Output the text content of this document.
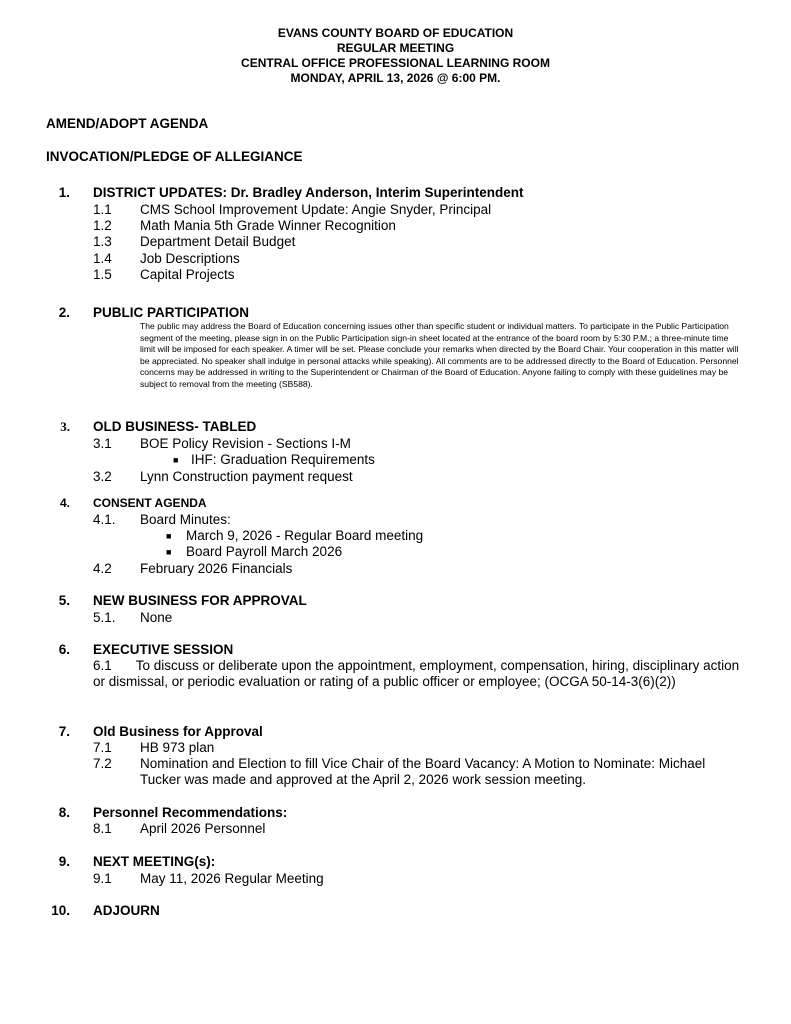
EVANS COUNTY BOARD OF EDUCATION
REGULAR MEETING
CENTRAL OFFICE PROFESSIONAL LEARNING ROOM
MONDAY, APRIL 13, 2026 @ 6:00 PM.
AMEND/ADOPT AGENDA
INVOCATION/PLEDGE OF ALLEGIANCE
1. DISTRICT UPDATES: Dr. Bradley Anderson, Interim Superintendent
1.1 CMS School Improvement Update: Angie Snyder, Principal
1.2 Math Mania 5th Grade Winner Recognition
1.3 Department Detail Budget
1.4 Job Descriptions
1.5 Capital Projects
2. PUBLIC PARTICIPATION
The public may address the Board of Education concerning issues other than specific student or individual matters. To participate in the Public Participation segment of the meeting, please sign in on the Public Participation sign-in sheet located at the entrance of the board room by 5:30 P.M.; a three-minute time limit will be imposed for each speaker. A timer will be set. Please conclude your remarks when directed by the Board Chair. Your cooperation in this matter will be appreciated. No speaker shall indulge in personal attacks while speaking). All comments are to be addressed directly to the Board of Education. Personnel concerns may be addressed in writing to the Superintendent or Chairman of the Board of Education. Anyone failing to comply with these guidelines may be subject to removal from the meeting (SB588).
3. OLD BUSINESS- TABLED
3.1 BOE Policy Revision - Sections I-M
■ IHF: Graduation Requirements
3.2 Lynn Construction payment request
4. CONSENT AGENDA
4.1. Board Minutes:
■ March 9, 2026 - Regular Board meeting
■ Board Payroll March 2026
4.2 February 2026 Financials
5. NEW BUSINESS FOR APPROVAL
5.1. None
6. EXECUTIVE SESSION
6.1 To discuss or deliberate upon the appointment, employment, compensation, hiring, disciplinary action or dismissal, or periodic evaluation or rating of a public officer or employee; (OCGA 50-14-3(6)(2))
7. Old Business for Approval
7.1 HB 973 plan
7.2 Nomination and Election to fill Vice Chair of the Board Vacancy: A Motion to Nominate: Michael Tucker was made and approved at the April 2, 2026 work session meeting.
8. Personnel Recommendations:
8.1 April 2026 Personnel
9. NEXT MEETING(s):
9.1 May 11, 2026 Regular Meeting
10. ADJOURN
